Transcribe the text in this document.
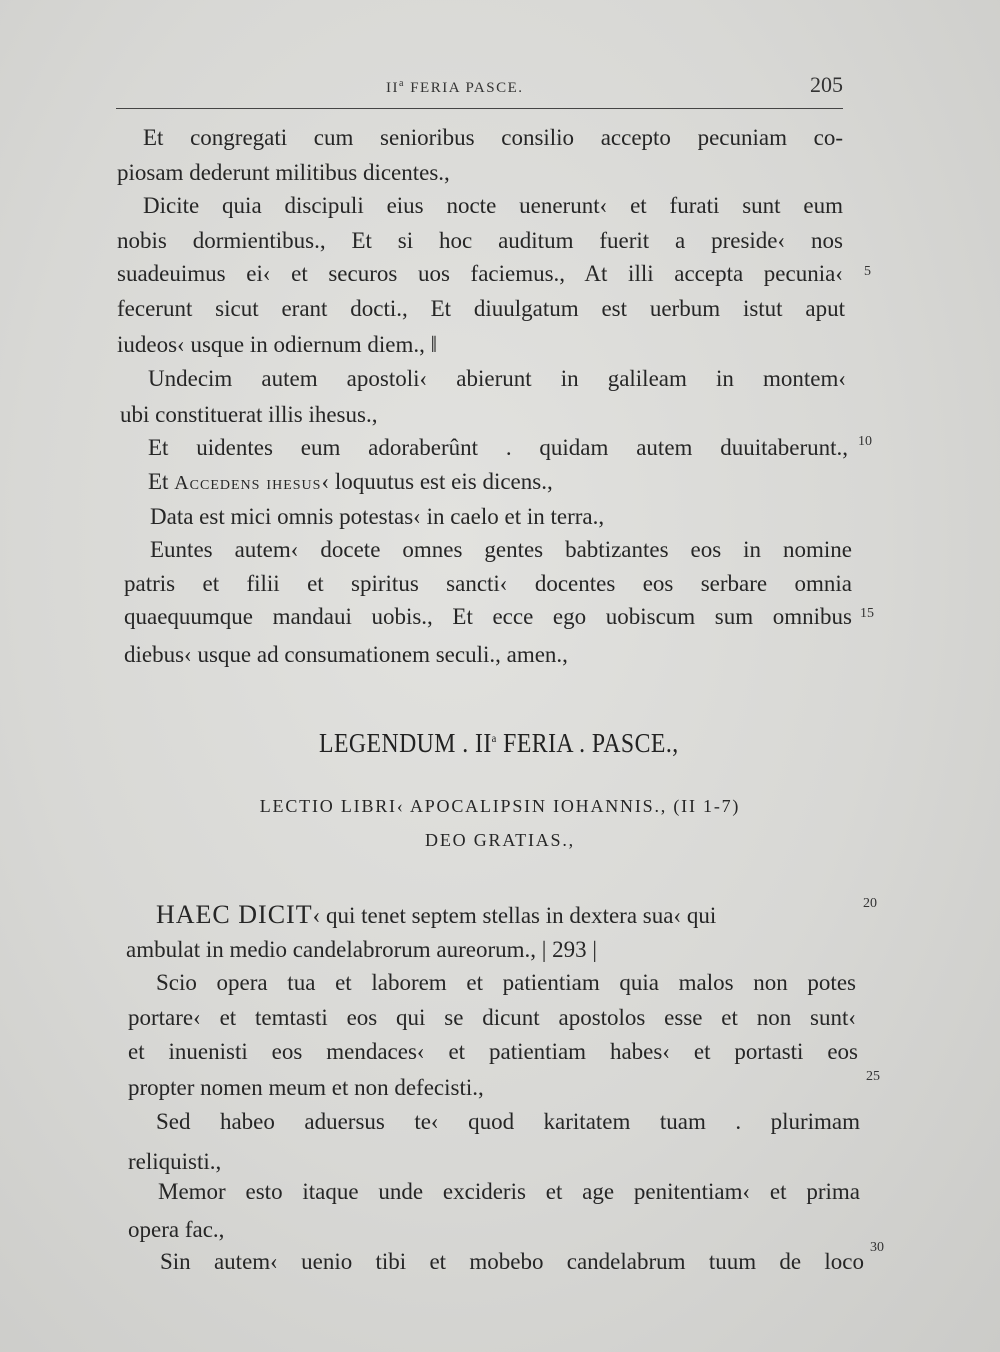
$II^a$ FERIA PASCE.	205
Et congregati cum senioribus consilio accepto pecuniam co-
piosam dederunt militibus dicentes.,
Dicite quia discipuli eius nocte uenerunt‹ et furati sunt eum
nobis dormientibus., Et si hoc auditum fuerit a preside‹ nos
suadeuimus ei‹ et securos uos faciemus., At illi accepta pecunia‹
fecerunt sicut erant docti., Et diuulgatum est uerbum istut aput
iudeos‹ usque in odiernum diem., ‖
Undecim autem apostoli‹ abierunt in galileam in montem‹
ubi constituerat illis ihesus.,
Et uidentes eum adoraberûnt . quidam autem duuitaberunt.,
Et Accedens ihesus‹ loquutus est eis dicens.,
Data est mici omnis potestas‹ in caelo et in terra.,
Euntes autem‹ docete omnes gentes babtizantes eos in nomine
patris et filii et spiritus sancti‹ docentes eos serbare omnia
quaequumque mandaui uobis., Et ecce ego uobiscum sum omnibus
diebus‹ usque ad consumationem seculi., amen.,
5
10
15
20
25
30
LEGENDUM . $II^a$ FERIA . PASCE.,
LECTIO LIBRI‹ APOCALIPSIN IOHANNIS., (II 1-7)
DEO GRATIAS.,
HAEC DICIT‹ qui tenet septem stellas in dextera sua‹ qui
ambulat in medio candelabrorum aureorum., | 293 |
Scio opera tua et laborem et patientiam quia malos non potes
portare‹ et temtasti eos qui se dicunt apostolos esse et non sunt‹
et inuenisti eos mendaces‹ et patientiam habes‹ et portasti eos
propter nomen meum et non defecisti.,
Sed habeo aduersus te‹ quod karitatem tuam . plurimam
reliquisti.,
Memor esto itaque unde excideris et age penitentiam‹ et prima
opera fac.,
Sin autem‹ uenio tibi et mobebo candelabrum tuum de loco
